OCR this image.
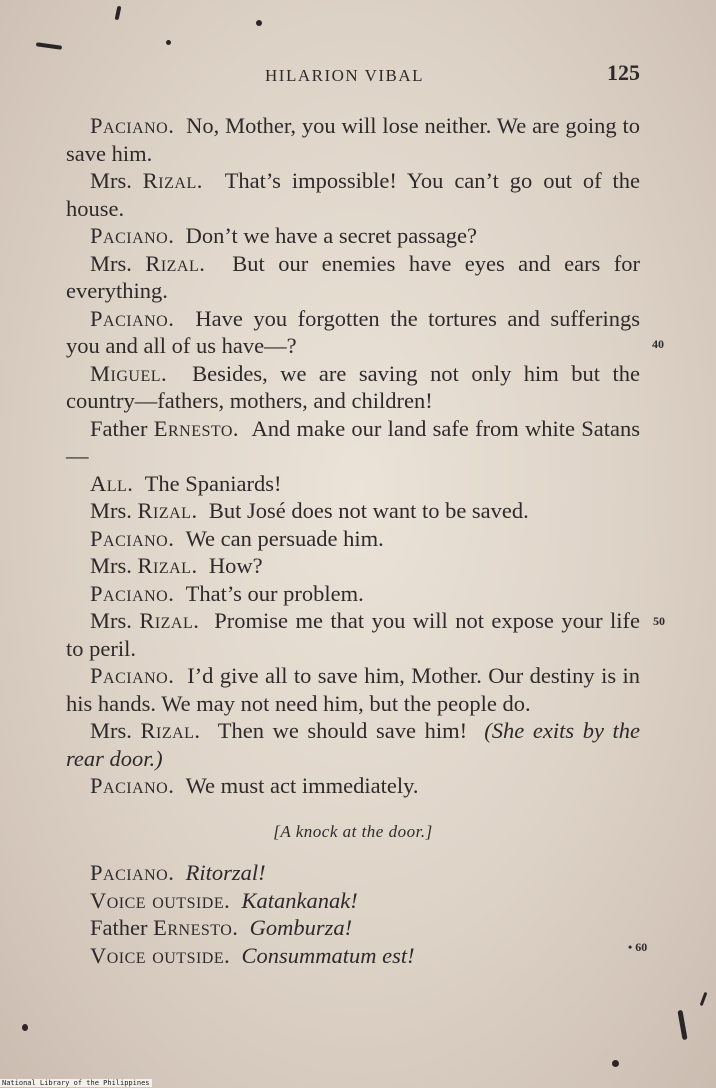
HILARION VIBAL	125

Paciano. No, Mother, you will lose neither. We are going to save him.

Mrs. Rizal. That’s impossible! You can’t go out of the house.

Paciano. Don’t we have a secret passage?

Mrs. Rizal. But our enemies have eyes and ears for everything.

Paciano. Have you forgotten the tortures and sufferings you and all of us have—?

Miguel. Besides, we are saving not only him but the country—fathers, mothers, and children!

Father Ernesto. And make our land safe from white Satans—

All. The Spaniards!

Mrs. Rizal. But José does not want to be saved.

Paciano. We can persuade him.

Mrs. Rizal. How?

Paciano. That’s our problem.

Mrs. Rizal. Promise me that you will not expose your life to peril.

Paciano. I’d give all to save him, Mother. Our destiny is in his hands. We may not need him, but the people do.

Mrs. Rizal. Then we should save him! (She exits by the rear door.)

Paciano. We must act immediately.

[A knock at the door.]

Paciano. Ritorzal!

Voice outside. Katankanak!

Father Ernesto. Gomburza!

Voice outside. Consummatum est!

40
50
• 60
National Library of the Philippines
